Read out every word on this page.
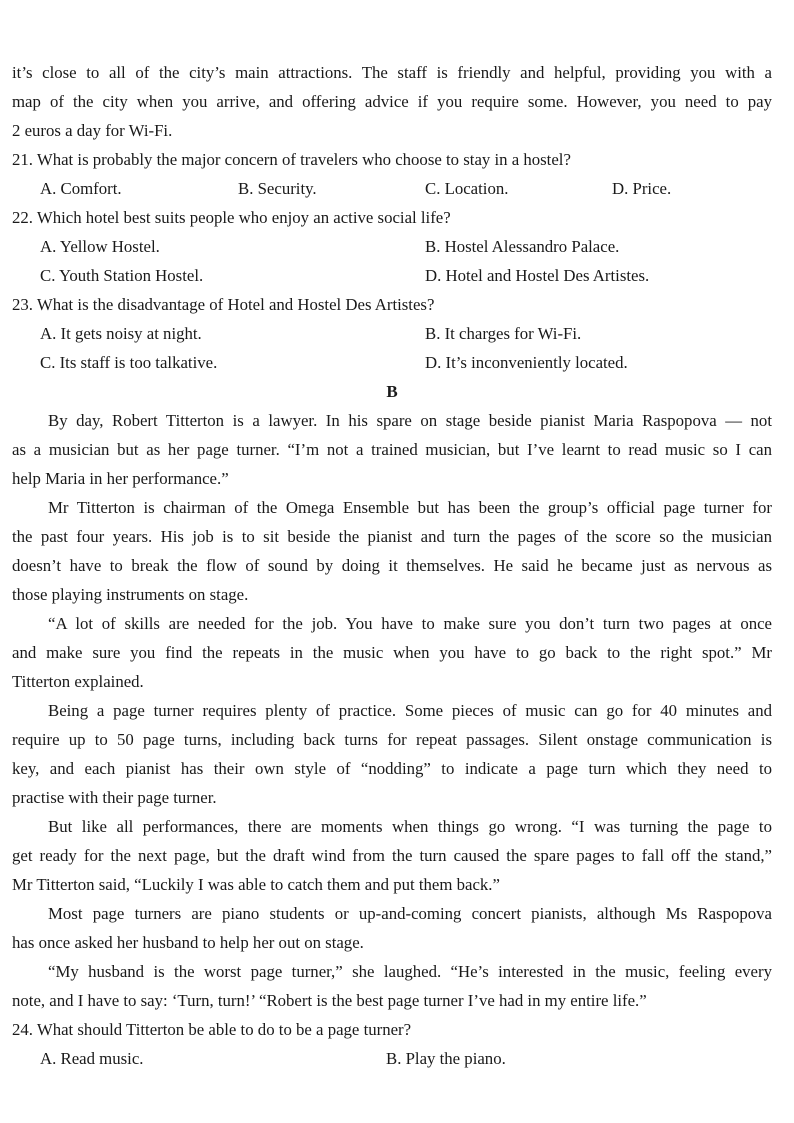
it’s close to all of the city’s main attractions. The staff is friendly and helpful, providing you with a
map of the city when you arrive, and offering advice if you require some. However, you need to pay
2 euros a day for Wi-Fi.
21. What is probably the major concern of travelers who choose to stay in a hostel?
A. Comfort.	B. Security.	C. Location.	D. Price.
22. Which hotel best suits people who enjoy an active social life?
A. Yellow Hostel.	B. Hostel Alessandro Palace.
C. Youth Station Hostel.	D. Hotel and Hostel Des Artistes.
23. What is the disadvantage of Hotel and Hostel Des Artistes?
A. It gets noisy at night.	B. It charges for Wi-Fi.
C. Its staff is too talkative.	D. It’s inconveniently located.
B
By day, Robert Titterton is a lawyer. In his spare on stage beside pianist Maria Raspopova — not
as a musician but as her page turner. “I’m not a trained musician, but I’ve learnt to read music so I can
help Maria in her performance.”
Mr Titterton is chairman of the Omega Ensemble but has been the group’s official page turner for
the past four years. His job is to sit beside the pianist and turn the pages of the score so the musician
doesn’t have to break the flow of sound by doing it themselves. He said he became just as nervous as
those playing instruments on stage.
“A lot of skills are needed for the job. You have to make sure you don’t turn two pages at once
and make sure you find the repeats in the music when you have to go back to the right spot.” Mr
Titterton explained.
Being a page turner requires plenty of practice. Some pieces of music can go for 40 minutes and
require up to 50 page turns, including back turns for repeat passages. Silent onstage communication is
key, and each pianist has their own style of “nodding” to indicate a page turn which they need to
practise with their page turner.
But like all performances, there are moments when things go wrong. “I was turning the page to
get ready for the next page, but the draft wind from the turn caused the spare pages to fall off the stand,”
Mr Titterton said, “Luckily I was able to catch them and put them back.”
Most page turners are piano students or up-and-coming concert pianists, although Ms Raspopova
has once asked her husband to help her out on stage.
“My husband is the worst page turner,” she laughed. “He’s interested in the music, feeling every
note, and I have to say: ‘Turn, turn!’ “Robert is the best page turner I’ve had in my entire life.”
24. What should Titterton be able to do to be a page turner?
A. Read music.	B. Play the piano.
